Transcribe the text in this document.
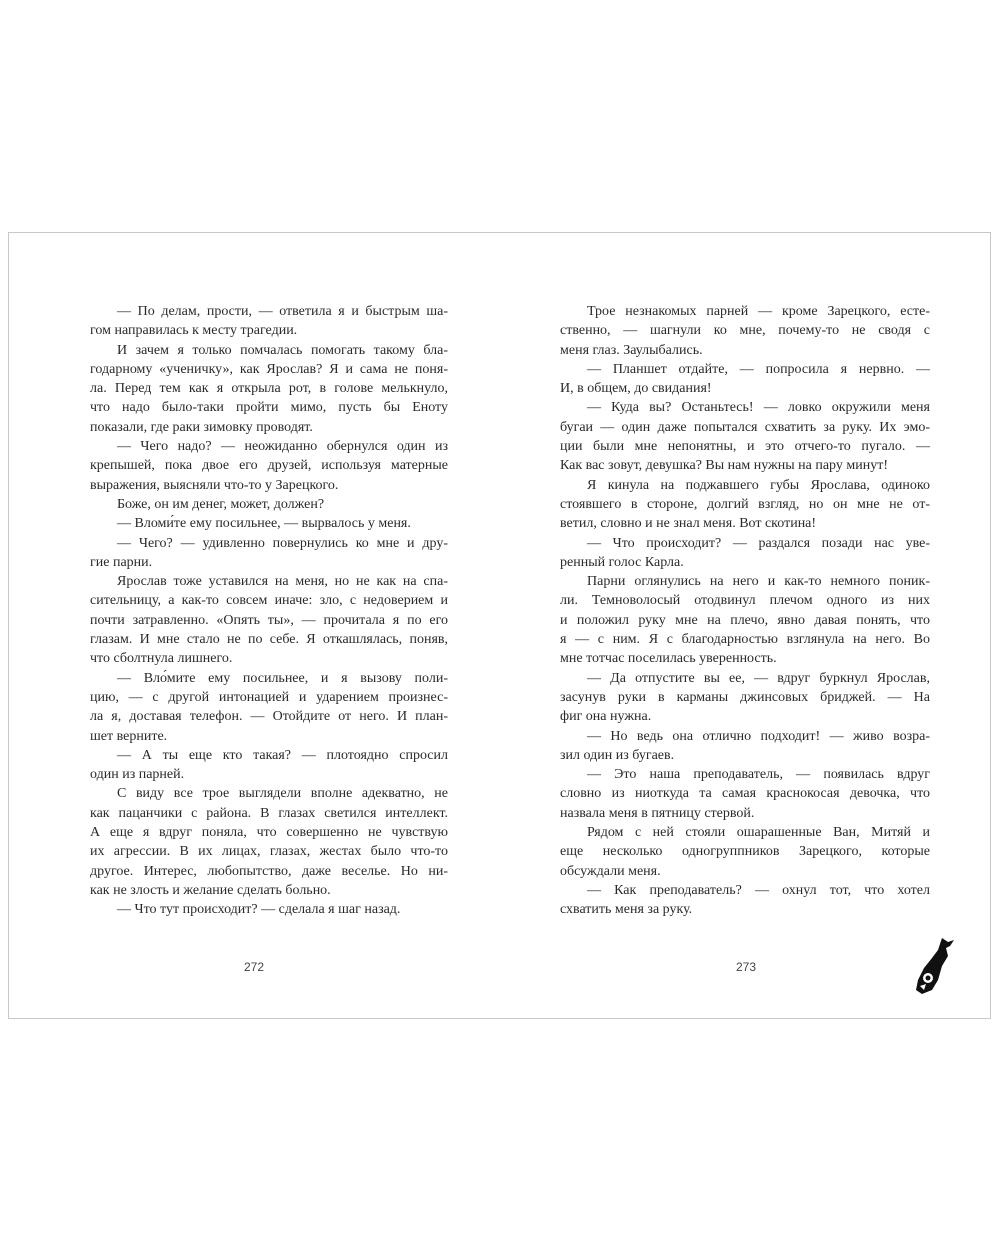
— По делам, прости, — ответила я и быстрым ша-
гом направилась к месту трагедии.
И зачем я только помчалась помогать такому бла-
годарному «ученичку», как Ярослав? Я и сама не поня-
ла. Перед тем как я открыла рот, в голове мелькнуло,
что надо было-таки пройти мимо, пусть бы Еноту
показали, где раки зимовку проводят.
— Чего надо? — неожиданно обернулся один из
крепышей, пока двое его друзей, используя матерные
выражения, выясняли что-то у Зарецкого.
Боже, он им денег, может, должен?
— Вломи́те ему посильнее, — вырвалось у меня.
— Чего? — удивленно повернулись ко мне и дру-
гие парни.
Ярослав тоже уставился на меня, но не как на спа-
сительницу, а как-то совсем иначе: зло, с недоверием и
почти затравленно. «Опять ты», — прочитала я по его
глазам. И мне стало не по себе. Я откашлялась, поняв,
что сболтнула лишнего.
— Вло́мите ему посильнее, и я вызову поли-
цию, — с другой интонацией и ударением произнес-
ла я, доставая телефон. — Отойдите от него. И план-
шет верните.
— А ты еще кто такая? — плотоядно спросил
один из парней.
С виду все трое выглядели вполне адекватно, не
как пацанчики с района. В глазах светился интеллект.
А еще я вдруг поняла, что совершенно не чувствую
их агрессии. В их лицах, глазах, жестах было что-то
другое. Интерес, любопытство, даже веселье. Но ни-
как не злость и желание сделать больно.
— Что тут происходит? — сделала я шаг назад.
Трое незнакомых парней — кроме Зарецкого, есте-
ственно, — шагнули ко мне, почему-то не сводя с
меня глаз. Заулыбались.
— Планшет отдайте, — попросила я нервно. —
И, в общем, до свидания!
— Куда вы? Останьтесь! — ловко окружили меня
бугаи — один даже попытался схватить за руку. Их эмо-
ции были мне непонятны, и это отчего-то пугало. —
Как вас зовут, девушка? Вы нам нужны на пару минут!
Я кинула на поджавшего губы Ярослава, одиноко
стоявшего в стороне, долгий взгляд, но он мне не от-
ветил, словно и не знал меня. Вот скотина!
— Что происходит? — раздался позади нас уве-
ренный голос Карла.
Парни оглянулись на него и как-то немного поник-
ли. Темноволосый отодвинул плечом одного из них
и положил руку мне на плечо, явно давая понять, что
я — с ним. Я с благодарностью взглянула на него. Во
мне тотчас поселилась уверенность.
— Да отпустите вы ее, — вдруг буркнул Ярослав,
засунув руки в карманы джинсовых бриджей. — На
фиг она нужна.
— Но ведь она отлично подходит! — живо возра-
зил один из бугаев.
— Это наша преподаватель, — появилась вдруг
словно из ниоткуда та самая краснокосая девочка, что
назвала меня в пятницу стервой.
Рядом с ней стояли ошарашенные Ван, Митяй и
еще несколько одногруппников Зарецкого, которые
обсуждали меня.
— Как преподаватель? — охнул тот, что хотел
схватить меня за руку.
272	273
